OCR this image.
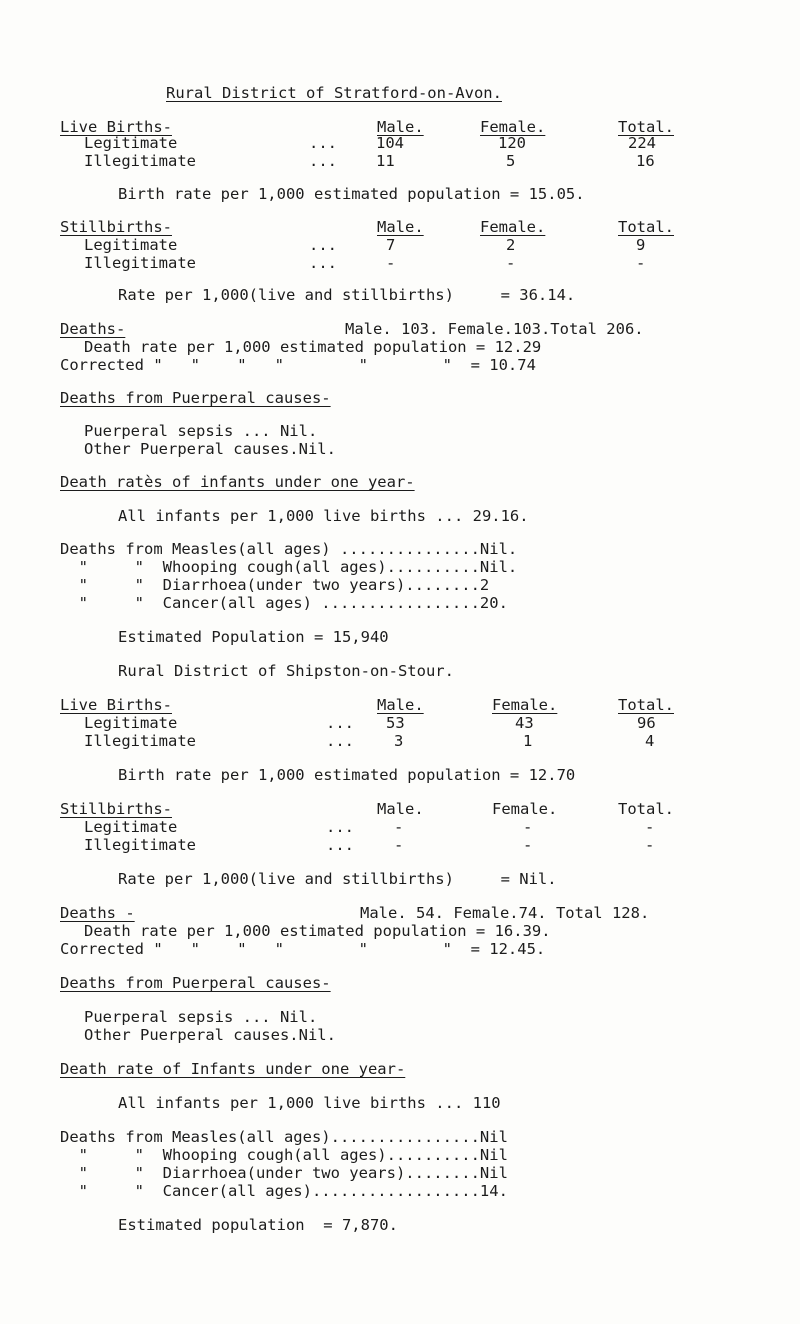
Rural District of Stratford-on-Avon.
Live Births-	Male.	Female.	Total.
Legitimate	...	104	120	224
Illegitimate	...	11	5	16
Birth rate per 1,000 estimated population = 15.05.
Stillbirths-	Male.	Female.	Total.
Legitimate	...	7	2	9
Illegitimate	...	-	-	-
Rate per 1,000(live and stillbirths)     = 36.14.
Deaths-	Male. 103. Female.103.Total 206.
Death rate per 1,000 estimated population = 12.29
Corrected "   "    "   "        "        "  = 10.74
Deaths from Puerperal causes-
Puerperal sepsis ... Nil.
Other Puerperal causes.Nil.
Death ratès of infants under one year-
All infants per 1,000 live births ... 29.16.
Deaths from Measles(all ages) ...............Nil.
"     "  Whooping cough(all ages)..........Nil.
"     "  Diarrhoea(under two years)........2
"     "  Cancer(all ages) .................20.
Estimated Population = 15,940
Rural District of Shipston-on-Stour.
Live Births-	Male.	Female.	Total.
Legitimate	... 53	43	96
Illegitimate	...	3	1	4
Birth rate per 1,000 estimated population = 12.70
Stillbirths-	Male.	Female.	Total.
Legitimate	...	-	-	-
Illegitimate	...	-	-	-
Rate per 1,000(live and stillbirths)     = Nil.
Deaths -	Male. 54. Female.74. Total 128.
Death rate per 1,000 estimated population = 16.39.
Corrected "   "    "   "        "        "  = 12.45.
Deaths from Puerperal causes-
Puerperal sepsis ... Nil.
Other Puerperal causes.Nil.
Death rate of Infants under one year-
All infants per 1,000 live births ... 110
Deaths from Measles(all ages)................Nil
"     "  Whooping cough(all ages)..........Nil
"     "  Diarrhoea(under two years)........Nil
"     "  Cancer(all ages)..................14.
Estimated population  = 7,870.
